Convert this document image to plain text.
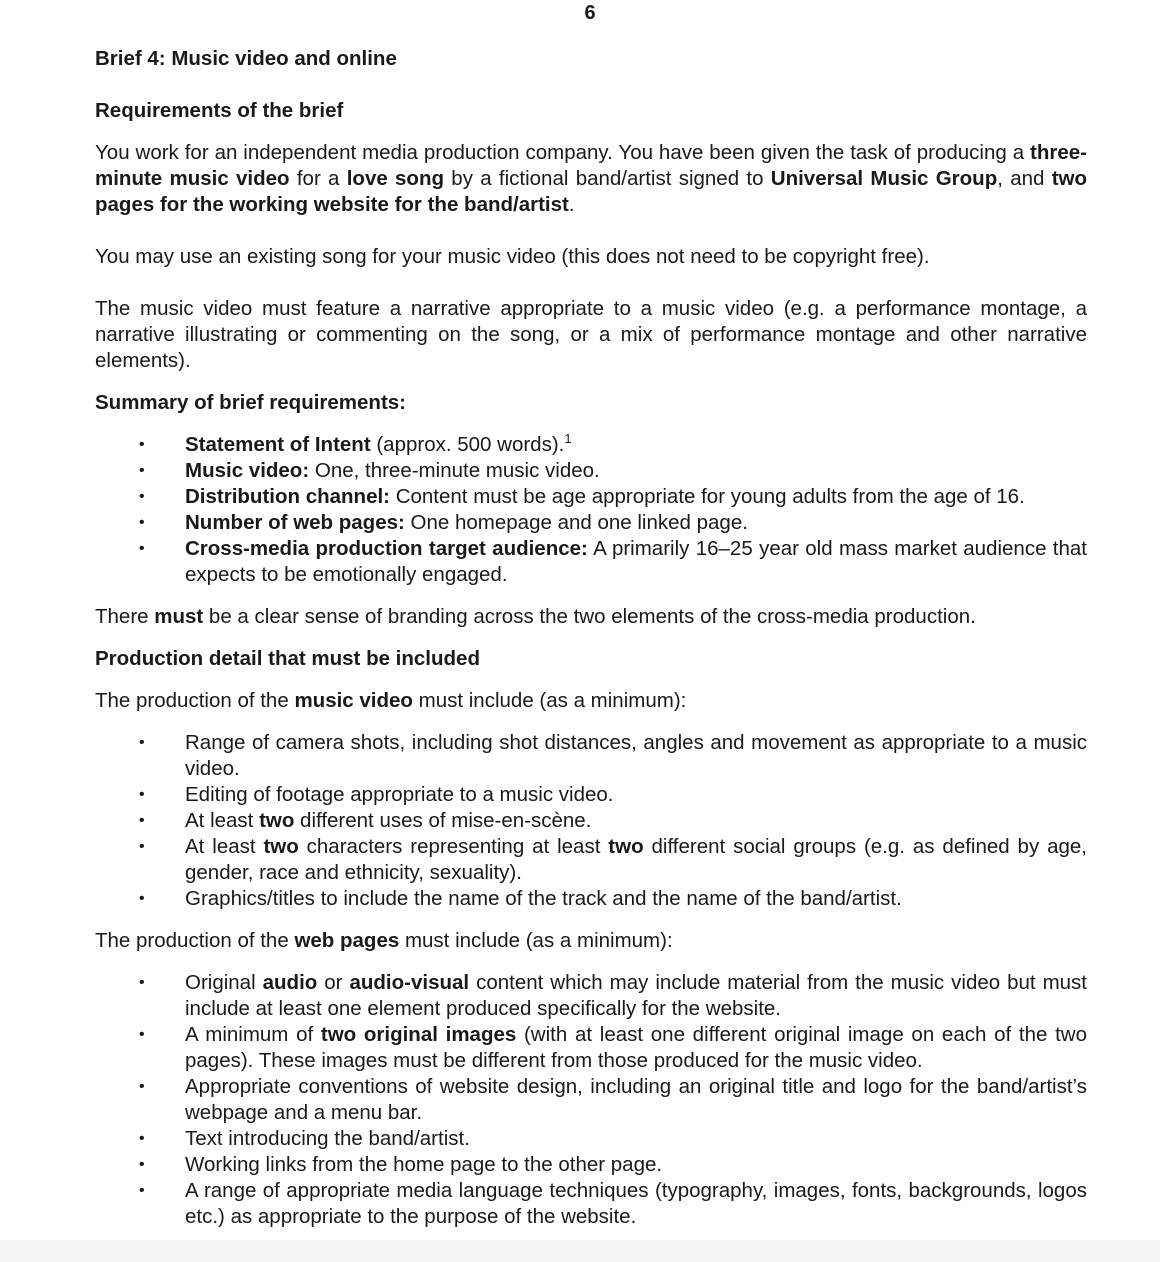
6

Brief 4: Music video and online

Requirements of the brief

You work for an independent media production company. You have been given the task of producing a three-minute music video for a love song by a fictional band/artist signed to Universal Music Group, and two pages for the working website for the band/artist.

You may use an existing song for your music video (this does not need to be copyright free).

The music video must feature a narrative appropriate to a music video (e.g. a performance montage, a narrative illustrating or commenting on the song, or a mix of performance montage and other narrative elements).

Summary of brief requirements:

• Statement of Intent (approx. 500 words).$^1$
• Music video: One, three-minute music video.
• Distribution channel: Content must be age appropriate for young adults from the age of 16.
• Number of web pages: One homepage and one linked page.
• Cross-media production target audience: A primarily 16–25 year old mass market audience that expects to be emotionally engaged.

There must be a clear sense of branding across the two elements of the cross-media production.

Production detail that must be included

The production of the music video must include (as a minimum):

• Range of camera shots, including shot distances, angles and movement as appropriate to a music video.
• Editing of footage appropriate to a music video.
• At least two different uses of mise-en-scène.
• At least two characters representing at least two different social groups (e.g. as defined by age, gender, race and ethnicity, sexuality).
• Graphics/titles to include the name of the track and the name of the band/artist.

The production of the web pages must include (as a minimum):

• Original audio or audio-visual content which may include material from the music video but must include at least one element produced specifically for the website.
• A minimum of two original images (with at least one different original image on each of the two pages). These images must be different from those produced for the music video.
• Appropriate conventions of website design, including an original title and logo for the band/artist’s webpage and a menu bar.
• Text introducing the band/artist.
• Working links from the home page to the other page.
• A range of appropriate media language techniques (typography, images, fonts, backgrounds, logos etc.) as appropriate to the purpose of the website.
